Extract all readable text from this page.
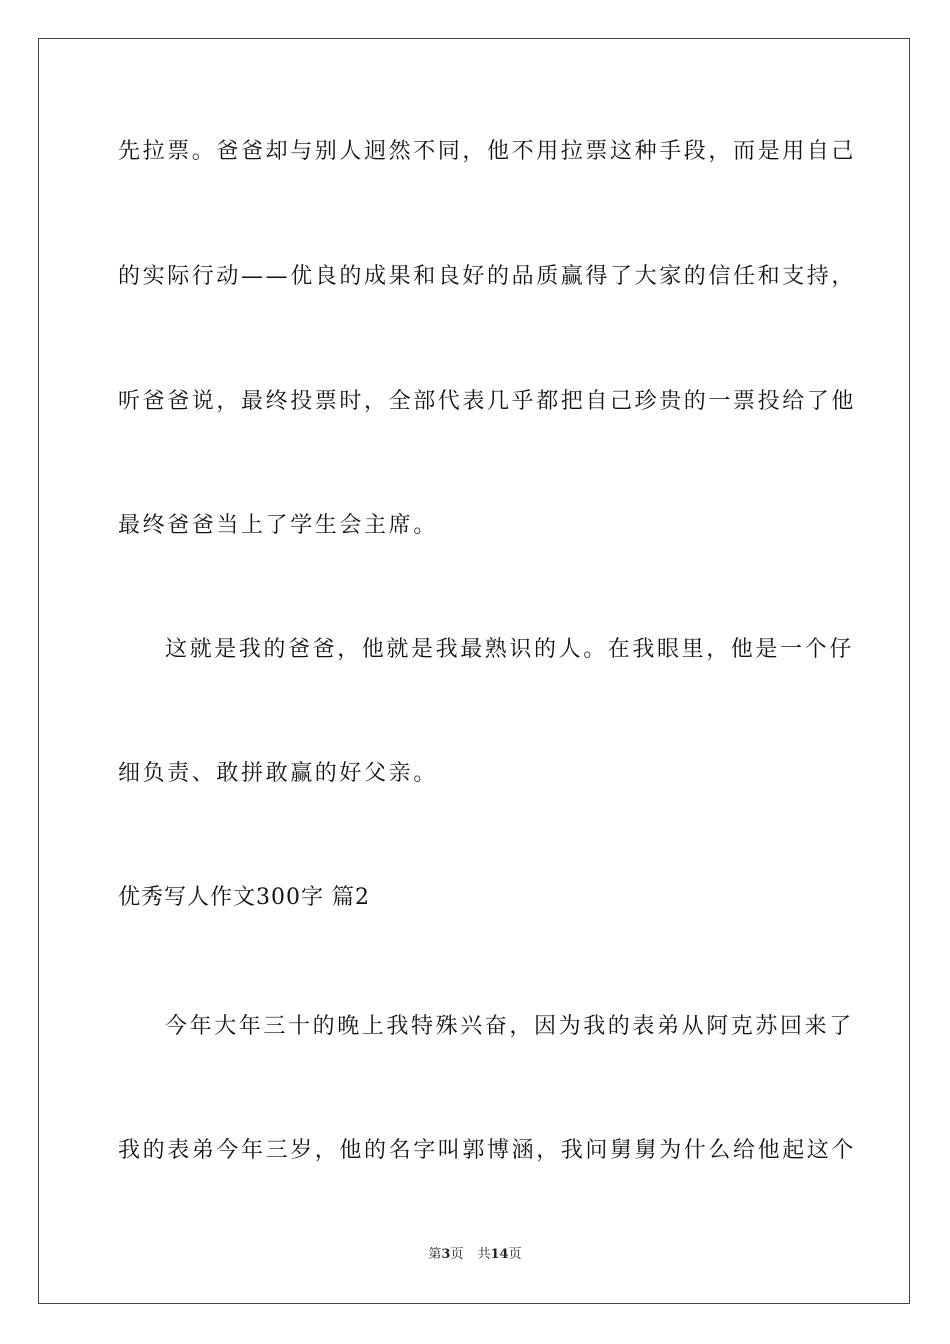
先拉票。爸爸却与别人迥然不同，他不用拉票这种手段，而是用自己
的实际行动——优良的成果和良好的品质赢得了大家的信任和支持，
听爸爸说，最终投票时，全部代表几乎都把自己珍贵的一票投给了他
最终爸爸当上了学生会主席。
这就是我的爸爸，他就是我最熟识的人。在我眼里，他是一个仔
细负责、敢拼敢赢的好父亲。
优秀写人作文300字 篇2
今年大年三十的晚上我特殊兴奋，因为我的表弟从阿克苏回来了
我的表弟今年三岁，他的名字叫郭博涵，我问舅舅为什么给他起这个
第3页 共14页
